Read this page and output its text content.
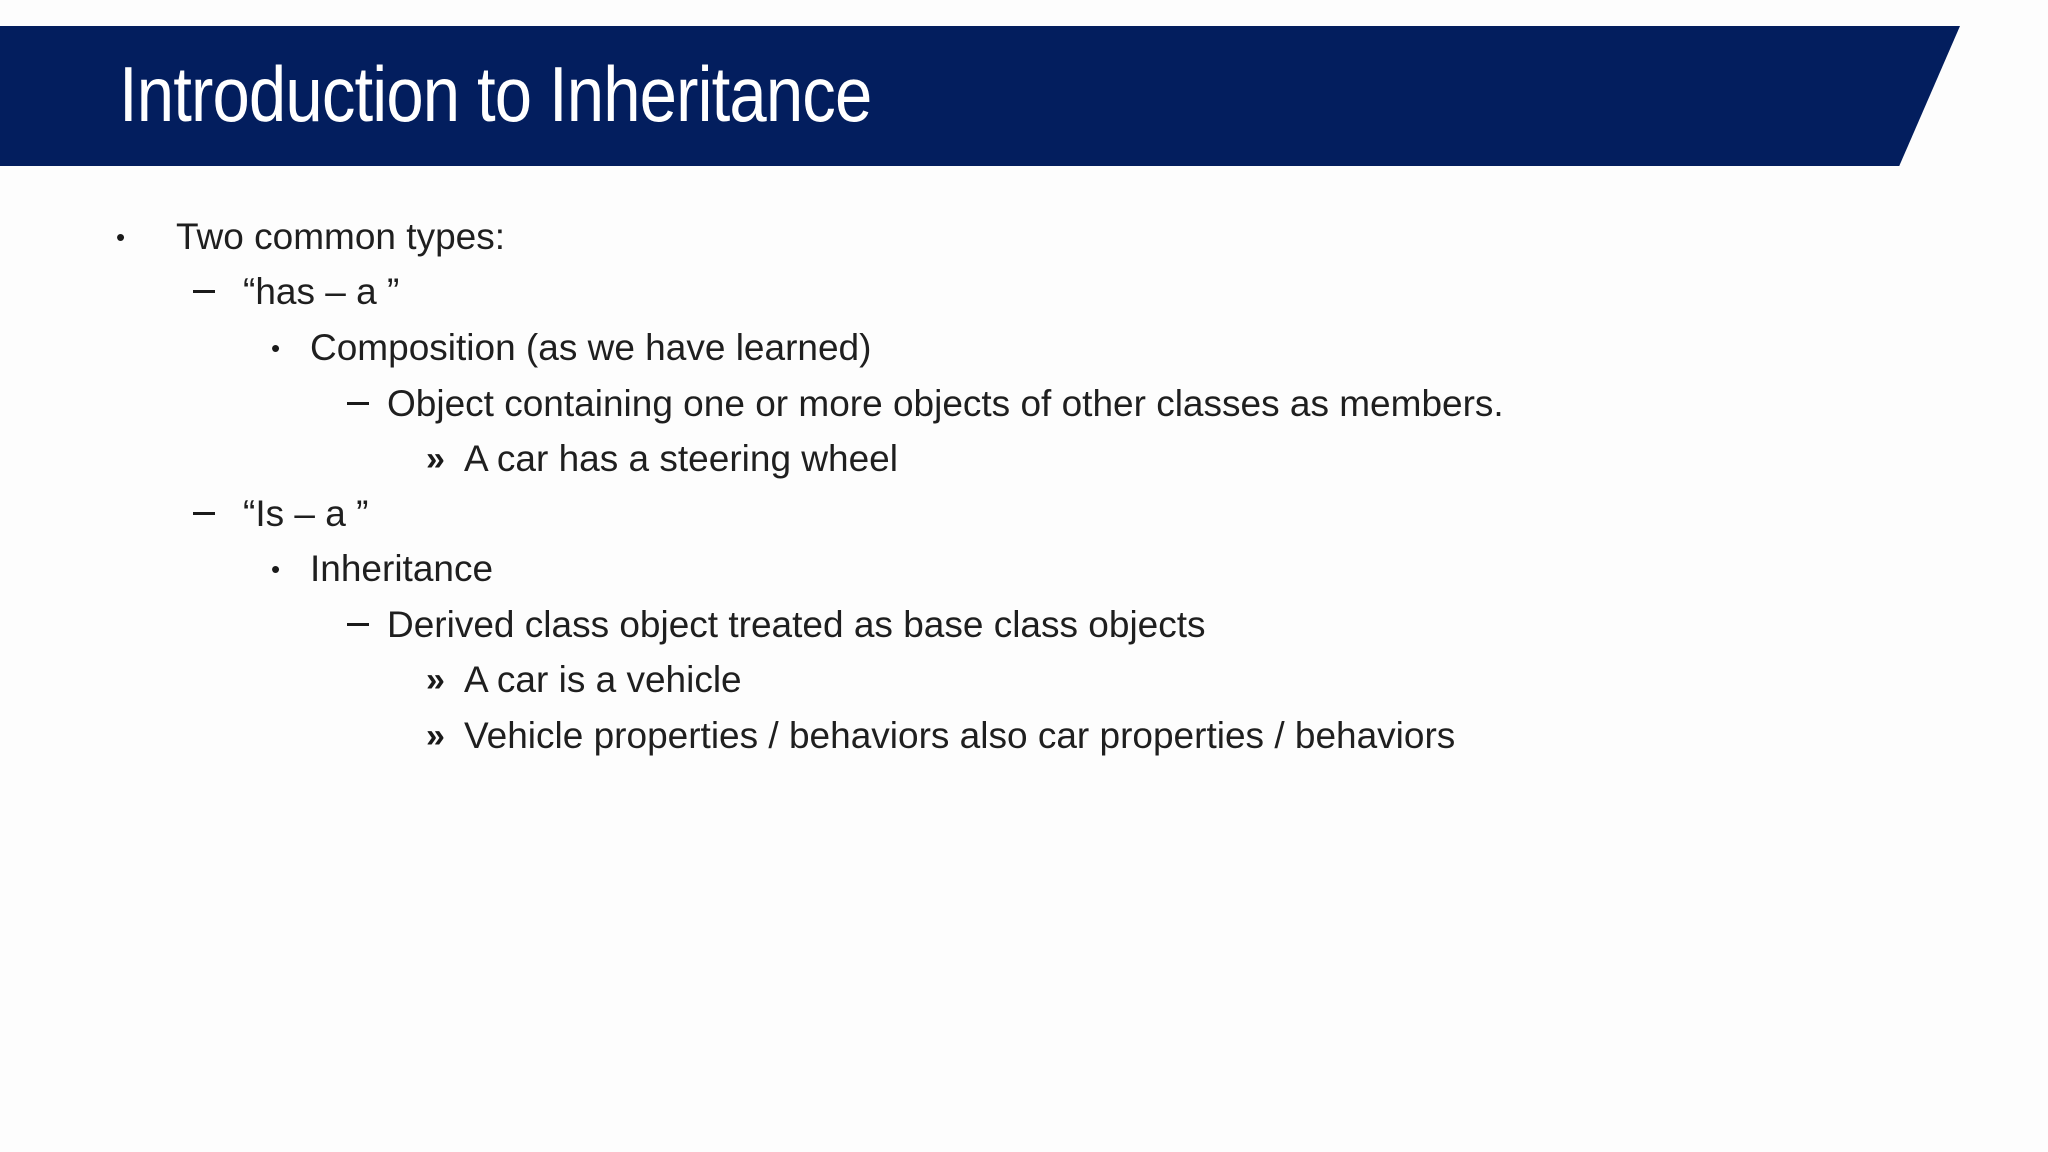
Introduction to Inheritance
• Two common types:
“has – a ”
• Composition (as we have learned)
Object containing one or more objects of other classes as members.
» A car has a steering wheel
“Is – a ”
• Inheritance
Derived class object treated as base class objects
» A car is a vehicle
» Vehicle properties / behaviors also car properties / behaviors
